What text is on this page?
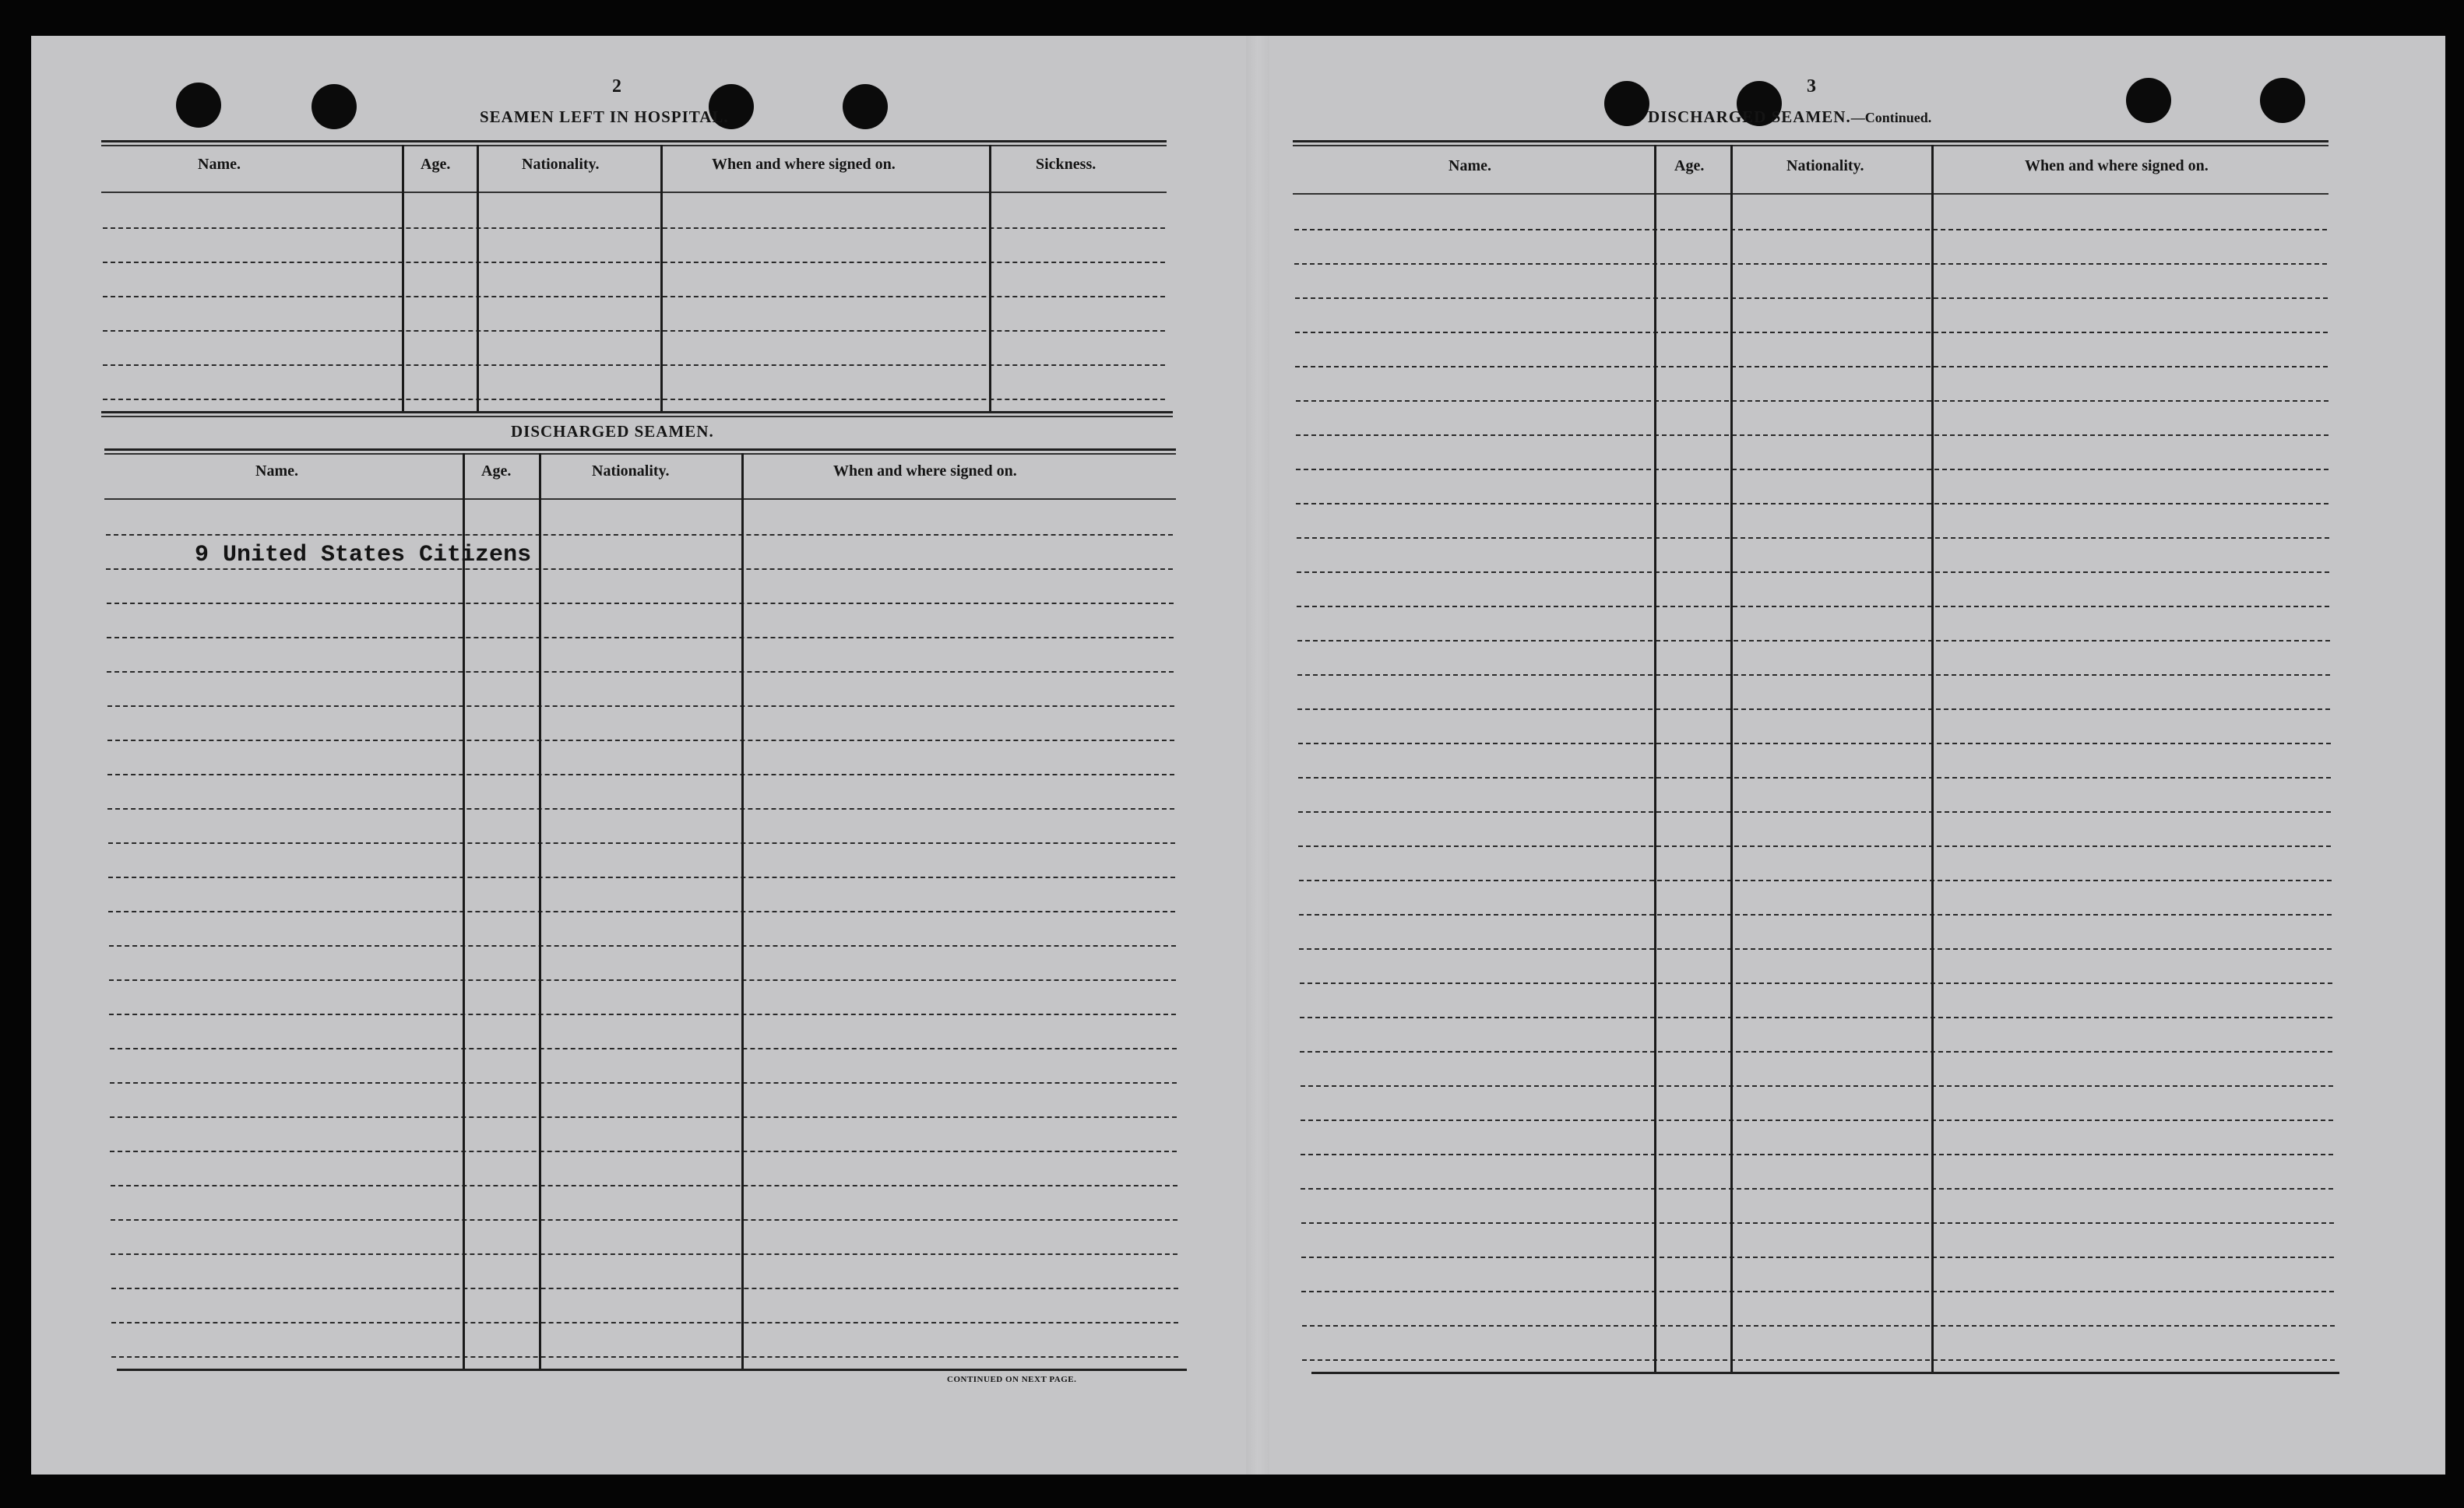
2
SEAMEN LEFT IN HOSPITAL.
Name.	Age.	Nationality.	When and where signed on.	Sickness.
DISCHARGED SEAMEN.
Name.	Age.	Nationality.	When and where signed on.
9 United States Citizens
CONTINUED ON NEXT PAGE.
3
DISCHARGED SEAMEN.—Continued.
Name.	Age.	Nationality.	When and where signed on.
